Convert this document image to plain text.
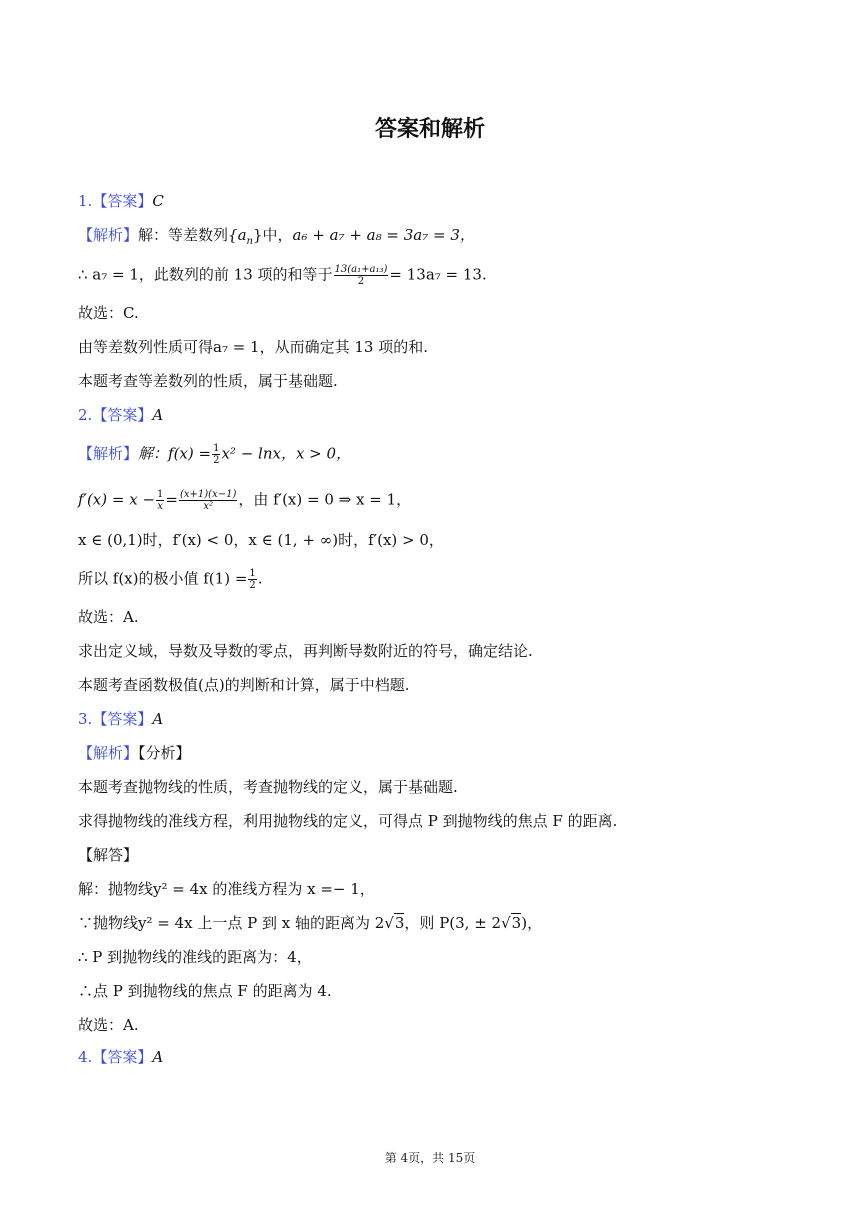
答案和解析
1.【答案】C
【解析】解：等差数列$\{a_n\}$中，a₆ + a₇ + a₈ = 3a₇ = 3，
∴ a₇ = 1，此数列的前 13 项的和等于 $\frac{\text{13(a₁+a₁₃)}}{2} = 13a_7 = 13$.
故选：C.
由等差数列性质可得a₇ = 1，从而确定其 13 项的和.
本题考查等差数列的性质，属于基础题.
2.【答案】A
【解析】解：$f(x) = \frac{1}{2} x^2 - \ln x$，x > 0，
$f'(x) = x - \frac{1}{x} = \frac{(x+1)(x-1)}{\text{x²}}$ ，由 f′(x) = 0 ⇒ x = 1，
x ∈ (0,1)时，f′(x) < 0，x ∈ (1, + ∞)时，f′(x) > 0，
所以 f(x)的极小值 $f(1) = \frac{1}{2}$ .
故选：A.
求出定义域，导数及导数的零点，再判断导数附近的符号，确定结论.
本题考查函数极值(点)的判断和计算，属于中档题.
3.【答案】A
【解析】【分析】
本题考查抛物线的性质，考查抛物线的定义，属于基础题.
求得抛物线的准线方程，利用抛物线的定义，可得点 P 到抛物线的焦点 F 的距离.
【解答】
解：抛物线y² = 4x 的准线方程为 x =− 1，
∵抛物线y² = 4x 上一点 P 到 x 轴的距离为 2√3，则 P(3, ± 2√3)，
∴ P 到抛物线的准线的距离为：4，
∴点 P 到抛物线的焦点 F 的距离为 4.
故选：A.
4.【答案】A
第 4页，共 15页
